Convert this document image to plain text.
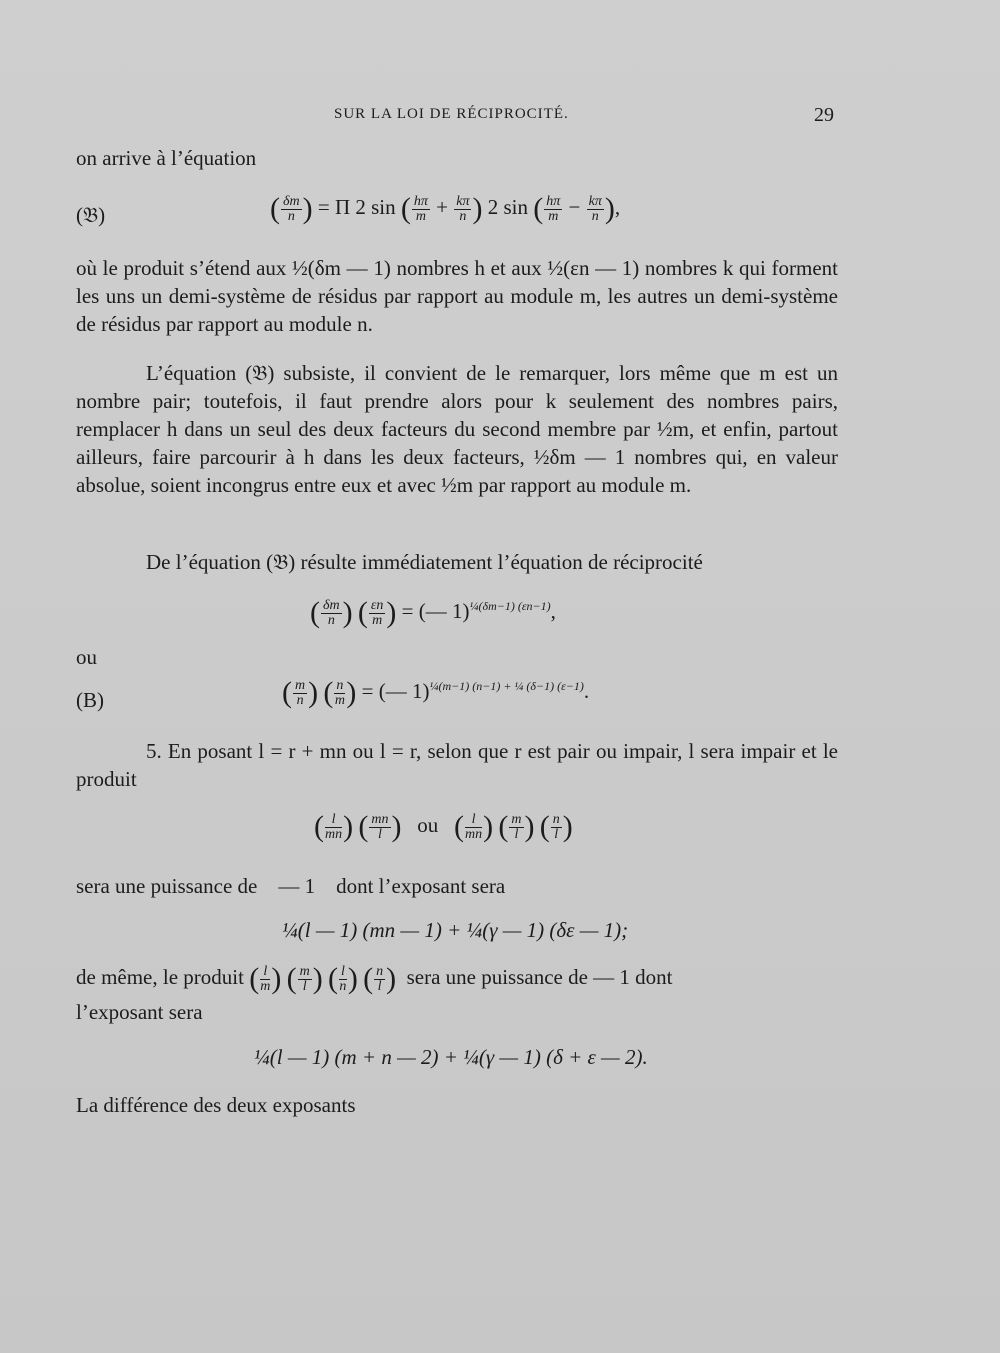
SUR LA LOI DE RÉCIPROCITÉ.	29
on arrive à l’équation
(𝔅)	( $\frac{\delta m}{n}$ ) = Π 2 sin ( $\frac{h\pi}{m} + \frac{k\pi}{n}$ ) 2 sin ( $\frac{h\pi}{m} - \frac{k\pi}{n}$ ),
où le produit s’étend aux ½(δm — 1) nombres h et aux ½(εn — 1) nombres k qui forment les uns un demi-système de résidus par rapport au module m, les autres un demi-système de résidus par rapport au module n.
L’équation (𝔅) subsiste, il convient de le remarquer, lors même que m est un nombre pair; toutefois, il faut prendre alors pour k seulement des nombres pairs, remplacer h dans un seul des deux facteurs du second membre par ½m, et enfin, partout ailleurs, faire parcourir à h dans les deux facteurs, ½δm — 1 nombres qui, en valeur absolue, soient incongrus entre eux et avec ½m par rapport au module m.
De l’équation (𝔅) résulte immédiatement l’équation de réciprocité
( $\frac{\delta m}{n}$ ) ( $\frac{\varepsilon n}{m}$ ) = (— 1)$^{\frac{1}{4}(\delta m-1) (\varepsilon n-1)}$,
ou
(B)	( $\frac{m}{n}$ ) ( $\frac{n}{m}$ ) = (— 1)$^{\frac{1}{4}(m-1) (n-1) + \frac{1}{4} (\delta-1) (\varepsilon-1)}$.
5. En posant l = r + mn ou l = r, selon que r est pair ou impair, l sera impair et le produit
( $\frac{l}{mn}$ ) ( $\frac{mn}{l}$ ) ou ( $\frac{l}{mn}$ ) ( $\frac{m}{l}$ ) ( $\frac{n}{l}$ )
sera une puissance de — 1 dont l’exposant sera
¼(l — 1) (mn — 1) + ¼(γ — 1) (δε — 1);
de même, le produit ( $\frac{l}{m}$ ) ( $\frac{m}{l}$ ) ( $\frac{l}{n}$ ) ( $\frac{n}{l}$ ) sera une puissance de — 1 dont
l’exposant sera
¼(l — 1) (m + n — 2) + ¼(γ — 1) (δ + ε — 2).
La différence des deux exposants
